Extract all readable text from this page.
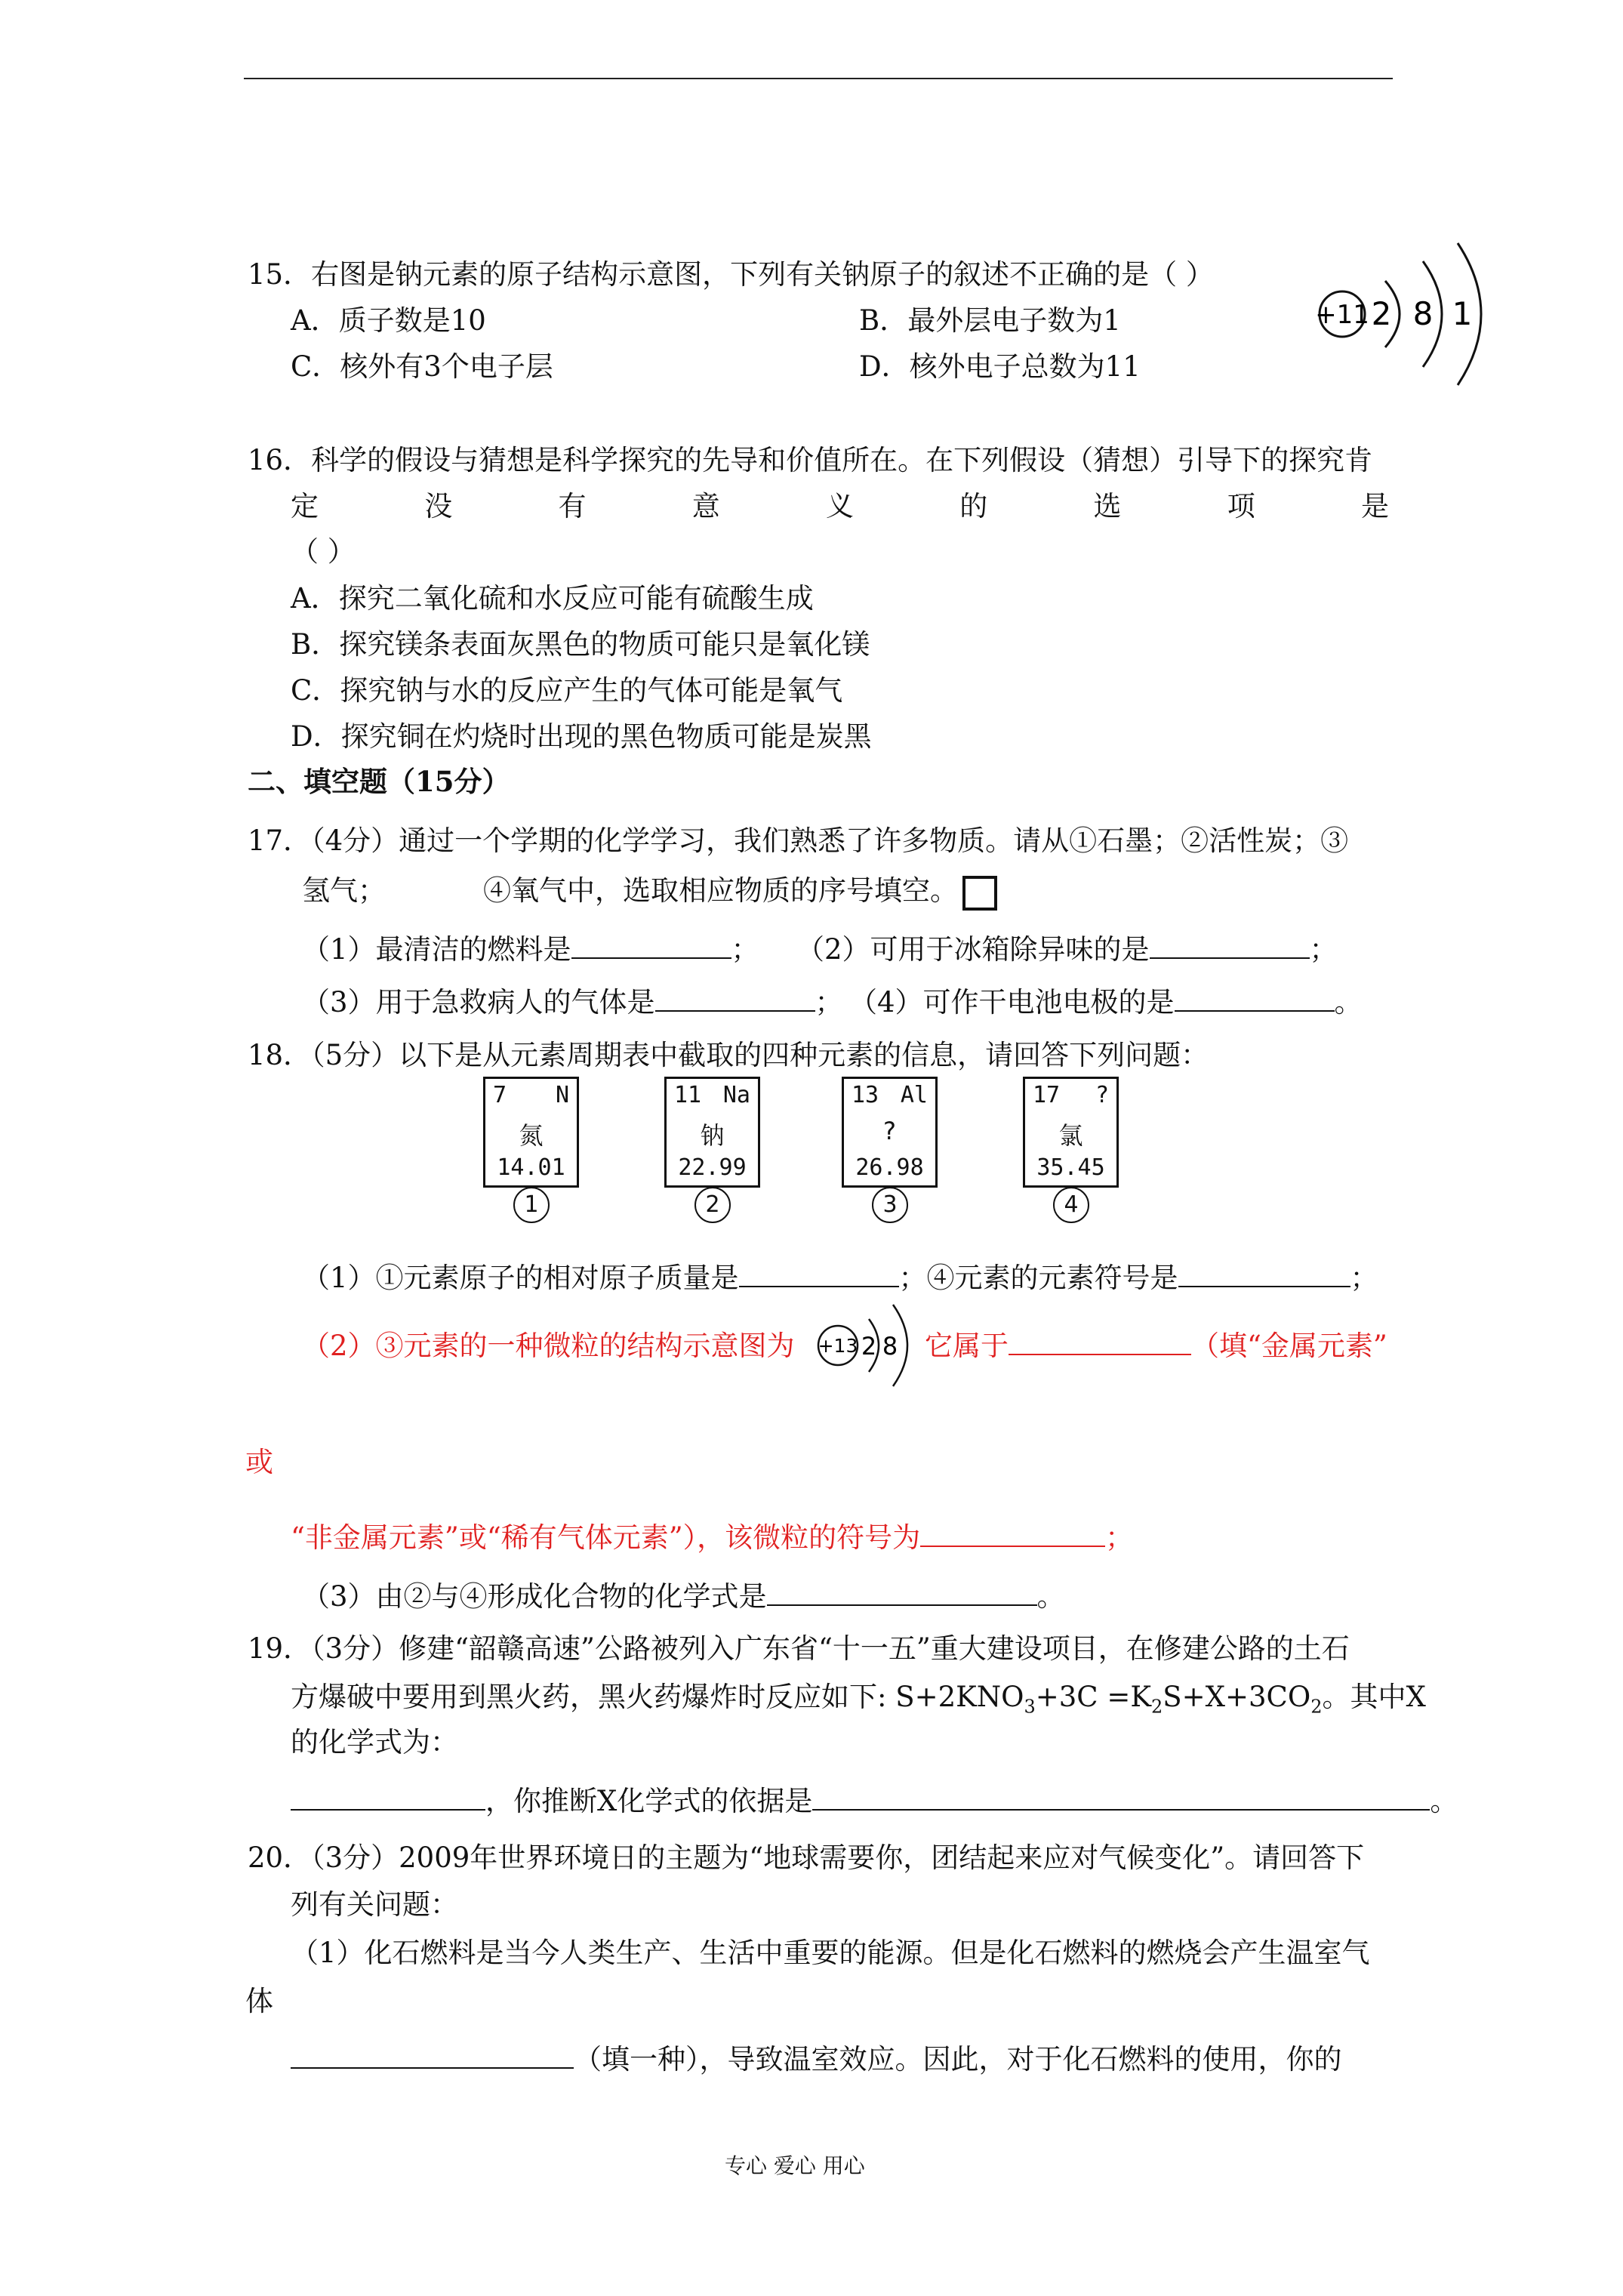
15．右图是钠元素的原子结构示意图，下列有关钠原子的叙述不正确的是（ ）
A．质子数是10	B．最外层电子数为1
C．核外有3个电子层	D．核外电子总数为11
+11 2 8 1
16．科学的假设与猜想是科学探究的先导和价值所在。在下列假设（猜想）引导下的探究肯
定	没	有	意	义	的	选	项	是
（ ）
A．探究二氧化硫和水反应可能有硫酸生成
B．探究镁条表面灰黑色的物质可能只是氧化镁
C．探究钠与水的反应产生的气体可能是氧气
D．探究铜在灼烧时出现的黑色物质可能是炭黑
二、填空题（15分）
17．（4分）通过一个学期的化学学习，我们熟悉了许多物质。请从①石墨；②活性炭；③
氢气；	④氧气中，选取相应物质的序号填空。
（1）最清洁的燃料是	； （2）可用于冰箱除异味的是	；
（3）用于急救病人的气体是	； （4）可作干电池电极的是	。
18．（5分）以下是从元素周期表中截取的四种元素的信息，请回答下列问题：
7 N
氮
14.01
11 Na
钠
22.99
13 Al
?
26.98
17 ?
氯
35.45
1	2	3	4
（1）①元素原子的相对原子质量是	；④元素的元素符号是	；
（2）③元素的一种微粒的结构示意图为 +13 2 8 它属于	（填“金属元素”
或
“非金属元素”或“稀有气体元素”），该微粒的符号为	；
（3）由②与④形成化合物的化学式是	。
19．（3分）修建“韶赣高速”公路被列入广东省“十一五”重大建设项目，在修建公路的土石
方爆破中要用到黑火药，黑火药爆炸时反应如下: $S+2KNO_3+3C =K_2S+X+3CO_2$。其中X
的化学式为：
，你推断X化学式的依据是	。
20．（3分）2009年世界环境日的主题为“地球需要你，团结起来应对气候变化”。请回答下
列有关问题：
（1）化石燃料是当今人类生产、生活中重要的能源。但是化石燃料的燃烧会产生温室气
体
（填一种），导致温室效应。因此，对于化石燃料的使用，你的
专心 爱心 用心
